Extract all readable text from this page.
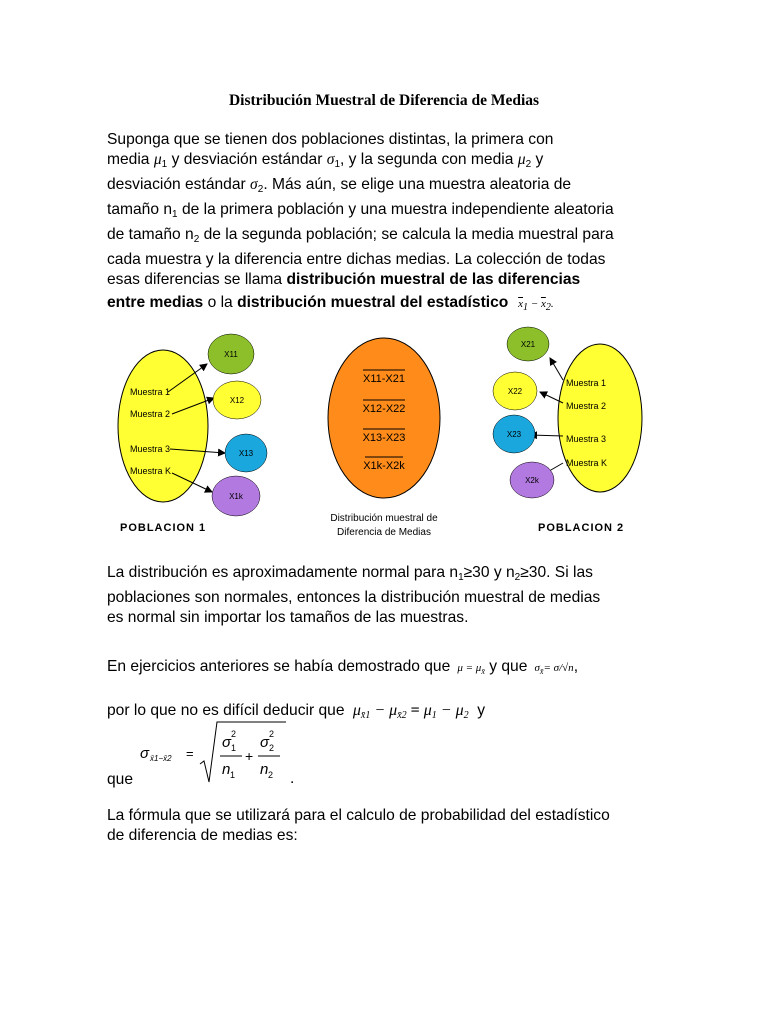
Distribución Muestral de Diferencia de Medias
Suponga que se tienen dos poblaciones distintas, la primera con
media $\mu_1$ y desviación estándar $\sigma_1$, y la segunda con media $\mu_2$ y
desviación estándar $\sigma_2$. Más aún, se elige una muestra aleatoria de
tamaño $n_1$ de la primera población y una muestra independiente aleatoria
de tamaño $n_2$ de la segunda población; se calcula la media muestral para
cada muestra y la diferencia entre dichas medias. La colección de todas
esas diferencias se llama distribución muestral de las diferencias
entre medias o la distribución muestral del estadístico $\overline{x}_1 - \overline{x}_2$.
Muestra 1
Muestra 2
Muestra 3
Muestra K
X11
X12
X13
X1k
POBLACION 1
X11-X21
X12-X22
X13-X23
X1k-X2k
Distribución muestral de
Diferencia de Medias
Muestra 1
Muestra 2
Muestra 3
Muestra K
X21
X22
X23
X2k
POBLACION 2
La distribución es aproximadamente normal para $n_1\ge 30$ y $n_2\ge 30$. Si las
poblaciones son normales, entonces la distribución muestral de medias
es normal sin importar los tamaños de las muestras.
En ejercicios anteriores se había demostrado que  $\mu = \mu_{x̄}$ y que  $\sigma_{x̄}= \sigma/√n$,
por lo que no es difícil deducir que  $\mu_{x̄1} - \mu_{x̄2} = \mu_1 - \mu_2$ y
σ x̄1−x̄2 =
σ 1
2
n 1
+
σ 2
2
n 2
que	.
La fórmula que se utilizará para el calculo de probabilidad del estadístico
de diferencia de medias es:
